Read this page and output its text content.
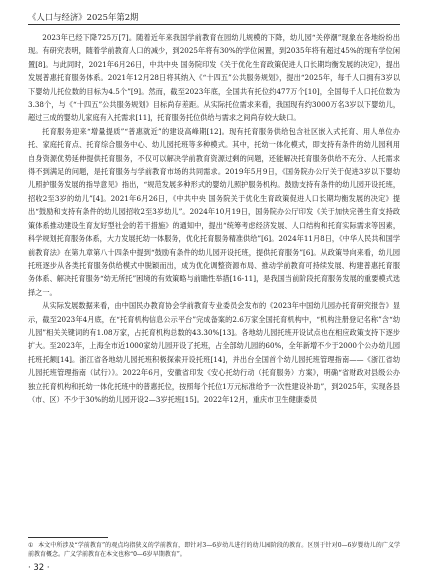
《人口与经济》2025年第2期

2023年已经下降725万[7]。随着近年来我国学前教育在园幼儿规模的下降，幼儿园“关停潮”现象在各地纷纷出现。有研究表明，随着学前教育人口的减少，到2025年将有30%的学位闲置，到2035年将有超过45%的现有学位闲置[8]。与此同时，2021年6月26日，中共中央 国务院印发《关于优化生育政策促进人口长期均衡发展的决定》，提出发展普惠托育服务体系。2021年12月28日将其纳入《“十四五”公共服务规划》，提出“2025年，每千人口拥有3岁以下婴幼儿托位数的目标为4.5个”[9]。然而，截至2023年底，全国共有托位约477万个[10]，全国每千人口托位数为3.38个，与《“十四五”公共服务规划》目标尚存差距。从实际托位需求来看，我国现有约3000万名3岁以下婴幼儿，超过三成的婴幼儿家庭有入托需求[11]，托育服务托位供给与需求之间尚存较大缺口。

托育服务迎来“增量提质”“普惠就近”的建设高峰期[12]。现有托育服务供给包含社区嵌入式托育、用人单位办托、家庭托育点、托育综合服务中心、幼儿园托班等多种模式。其中，托幼一体化模式，即支持有条件的幼儿园利用自身资源优势延伸提供托育服务，不仅可以解决学前教育资源过剩的问题，还能解决托育服务供给不充分、人托需求得不到满足的问题，是托育服务与学前教育市场的共同需求。2019年5月9日，《国务院办公厅关于促进3岁以下婴幼儿照护服务发展的指导意见》指出，“规范发展多种形式的婴幼儿照护服务机构。鼓励支持有条件的幼儿园开设托班，招收2至3岁的幼儿”[4]。2021年6月26日，《中共中央 国务院关于优化生育政策促进人口长期均衡发展的决定》提出“鼓励和支持有条件的幼儿园招收2至3岁幼儿”。2024年10月19日，国务院办公厅印发《关于加快完善生育支持政策体系推动建设生育友好型社会的若干措施》的通知中，提出“统筹考虑经济发展、人口结构和托育实际需求等因素，科学规划托育服务体系，大力发展托幼一体服务，优化托育服务精准供给”[6]。2024年11月8日，《中华人民共和国学前教育法》在第九章第八十四条中提到“鼓励有条件的幼儿园开设托班，提供托育服务”[6]。从政策导向来看，幼儿园托班逐步从各类托育服务供给模式中脱颖而出，成为优化调整资源布局、推动学前教育可持续发展、构建普惠托育服务体系、解决托育服务“幼无所托”困境的有效策略与前瞻性举措[16-11]，是我国当前阶段托育服务发展的重要模式选择之一。

从实际发展数据来看，由中国民办教育协会学前教育专业委员会发布的《2023年中国幼儿园办托育研究报告》显示，截至2023年4月底，在“托育机构信息公示平台”完成备案的2.6万家全国托育机构中，“机构注册登记名称”含“幼儿园”相关关键词的有1.08万家，占托育机构总数的43.30%[13]。各地幼儿园托班开设试点也在相应政策支持下逐步扩大。至2023年，上海全市近1000家幼儿园开设了托班，占全部幼儿园的60%，全年新增不少于2000个公办幼儿园托班托额[14]。浙江省各地幼儿园托班积极探索开设托班[14]，并出台全国首个幼儿园托班管理指南——《浙江省幼儿园托班管理指南（试行）》。2022年6月，安徽省印发《安心托幼行动（托育服务）方案》，明确“省财政对县级公办独立托育机构和托幼一体化托班中的普惠托位，按照每个托位1万元标准给予一次性建设补助”，到2025年，实现各县（市、区）不少于30%的幼儿园开设2—3岁托班[15]。2022年12月，重庆市卫生健康委员

① 本文中所涉及“学前教育”的观点均指狭义的学前教育，即针对3—6岁幼儿进行的幼儿园阶段的教育。区别于针对0—6岁婴幼儿的广义学前教育概念。广义学前教育在本文也称“0—6岁早期教育”。
· 32 ·
